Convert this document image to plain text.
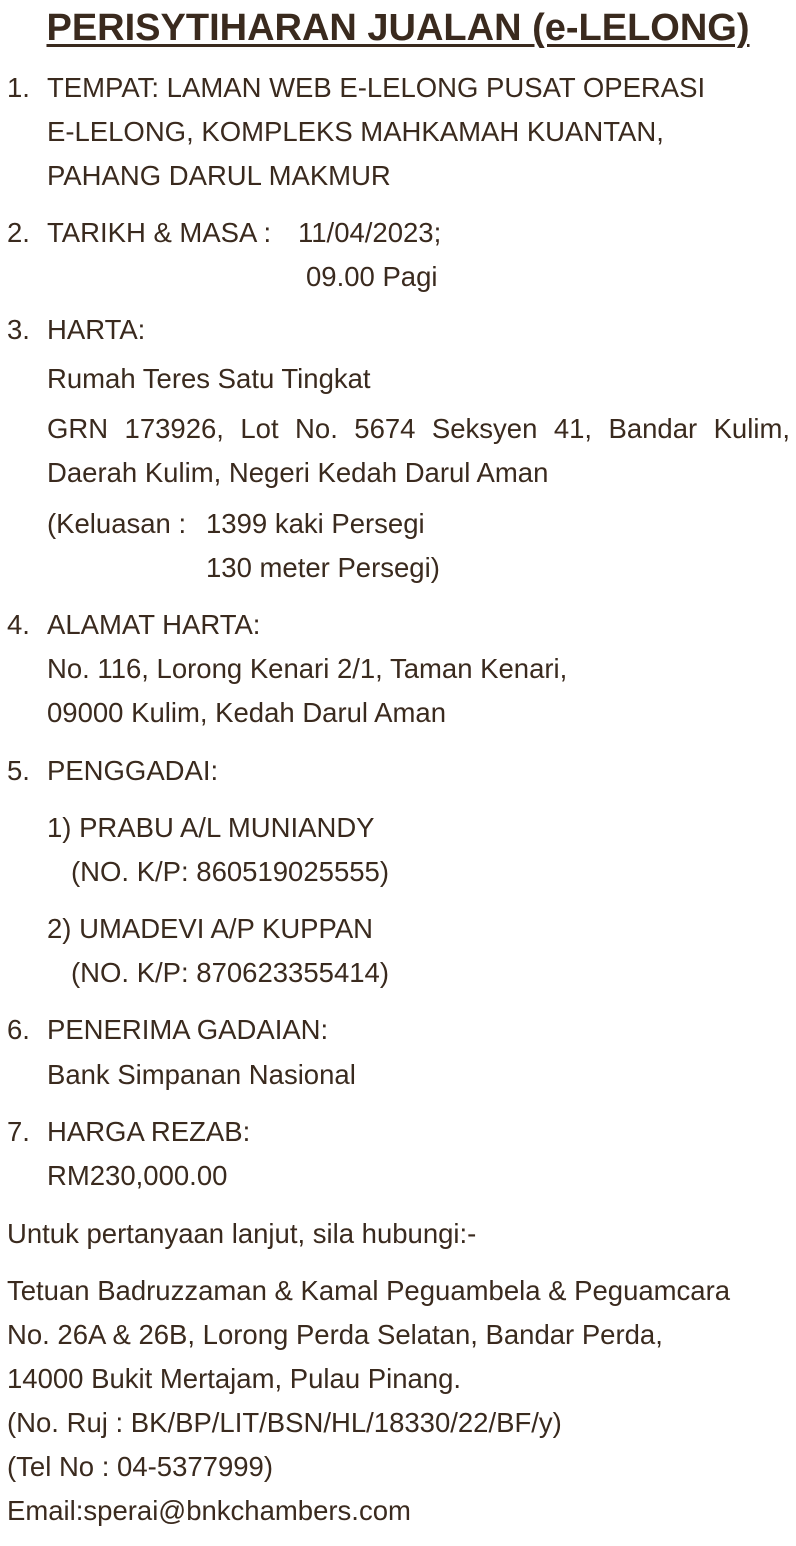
PERISYTIHARAN JUALAN (e-LELONG)
1. TEMPAT: LAMAN WEB E-LELONG PUSAT OPERASI
E-LELONG, KOMPLEKS MAHKAMAH KUANTAN,
PAHANG DARUL MAKMUR
2. TARIKH & MASA : 11/04/2023;
09.00 Pagi
3. HARTA:
Rumah Teres Satu Tingkat
GRN 173926, Lot No. 5674 Seksyen 41, Bandar Kulim,
Daerah Kulim, Negeri Kedah Darul Aman
(Keluasan : 1399 kaki Persegi
130 meter Persegi)
4. ALAMAT HARTA:
No. 116, Lorong Kenari 2/1, Taman Kenari,
09000 Kulim, Kedah Darul Aman
5. PENGGADAI:
1) PRABU A/L MUNIANDY
(NO. K/P: 860519025555)
2) UMADEVI A/P KUPPAN
(NO. K/P: 870623355414)
6. PENERIMA GADAIAN:
Bank Simpanan Nasional
7. HARGA REZAB:
RM230,000.00
Untuk pertanyaan lanjut, sila hubungi:-
Tetuan Badruzzaman & Kamal Peguambela & Peguamcara
No. 26A & 26B, Lorong Perda Selatan, Bandar Perda,
14000 Bukit Mertajam, Pulau Pinang.
(No. Ruj : BK/BP/LIT/BSN/HL/18330/22/BF/y)
(Tel No : 04-5377999)
Email:sperai@bnkchambers.com
